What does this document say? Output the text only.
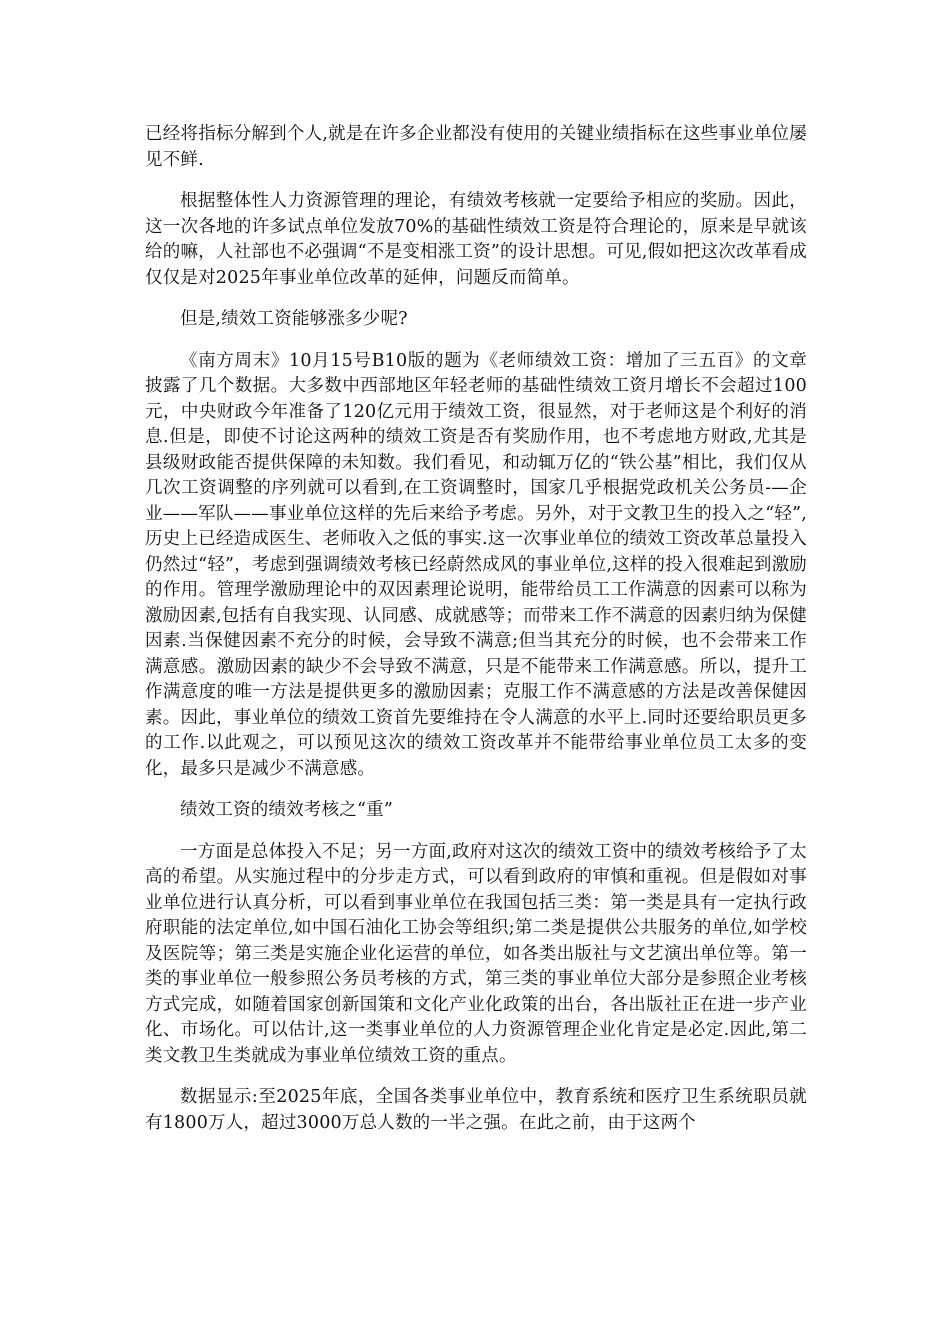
已经将指标分解到个人,就是在许多企业都没有使用的关键业绩指标在这些事业单位屡见不鲜.

根据整体性人力资源管理的理论，有绩效考核就一定要给予相应的奖励。因此，这一次各地的许多试点单位发放70%的基础性绩效工资是符合理论的，原来是早就该给的嘛，人社部也不必强调“不是变相涨工资”的设计思想。可见,假如把这次改革看成仅仅是对2025年事业单位改革的延伸，问题反而简单。

但是,绩效工资能够涨多少呢?

《南方周末》10月15号B10版的题为《老师绩效工资：增加了三五百》的文章披露了几个数据。大多数中西部地区年轻老师的基础性绩效工资月增长不会超过100元，中央财政今年准备了120亿元用于绩效工资，很显然，对于老师这是个利好的消息.但是，即使不讨论这两种的绩效工资是否有奖励作用，也不考虑地方财政,尤其是县级财政能否提供保障的未知数。我们看见，和动辄万亿的“铁公基”相比，我们仅从几次工资调整的序列就可以看到,在工资调整时，国家几乎根据党政机关公务员-—企业——军队——事业单位这样的先后来给予考虑。另外，对于文教卫生的投入之“轻”,历史上已经造成医生、老师收入之低的事实.这一次事业单位的绩效工资改革总量投入仍然过“轻”，考虑到强调绩效考核已经蔚然成风的事业单位,这样的投入很难起到激励的作用。管理学激励理论中的双因素理论说明，能带给员工工作满意的因素可以称为激励因素,包括有自我实现、认同感、成就感等；而带来工作不满意的因素归纳为保健因素.当保健因素不充分的时候，会导致不满意;但当其充分的时候，也不会带来工作满意感。激励因素的缺少不会导致不满意，只是不能带来工作满意感。所以，提升工作满意度的唯一方法是提供更多的激励因素；克服工作不满意感的方法是改善保健因素。因此，事业单位的绩效工资首先要维持在令人满意的水平上.同时还要给职员更多的工作.以此观之，可以预见这次的绩效工资改革并不能带给事业单位员工太多的变化，最多只是减少不满意感。

绩效工资的绩效考核之“重”

一方面是总体投入不足；另一方面,政府对这次的绩效工资中的绩效考核给予了太高的希望。从实施过程中的分步走方式，可以看到政府的审慎和重视。但是假如对事业单位进行认真分析，可以看到事业单位在我国包括三类：第一类是具有一定执行政府职能的法定单位,如中国石油化工协会等组织;第二类是提供公共服务的单位,如学校及医院等；第三类是实施企业化运营的单位，如各类出版社与文艺演出单位等。第一类的事业单位一般参照公务员考核的方式，第三类的事业单位大部分是参照企业考核方式完成，如随着国家创新国策和文化产业化政策的出台，各出版社正在进一步产业化、市场化。可以估计,这一类事业单位的人力资源管理企业化肯定是必定.因此,第二类文教卫生类就成为事业单位绩效工资的重点。

数据显示:至2025年底，全国各类事业单位中，教育系统和医疗卫生系统职员就有1800万人，超过3000万总人数的一半之强。在此之前，由于这两个
